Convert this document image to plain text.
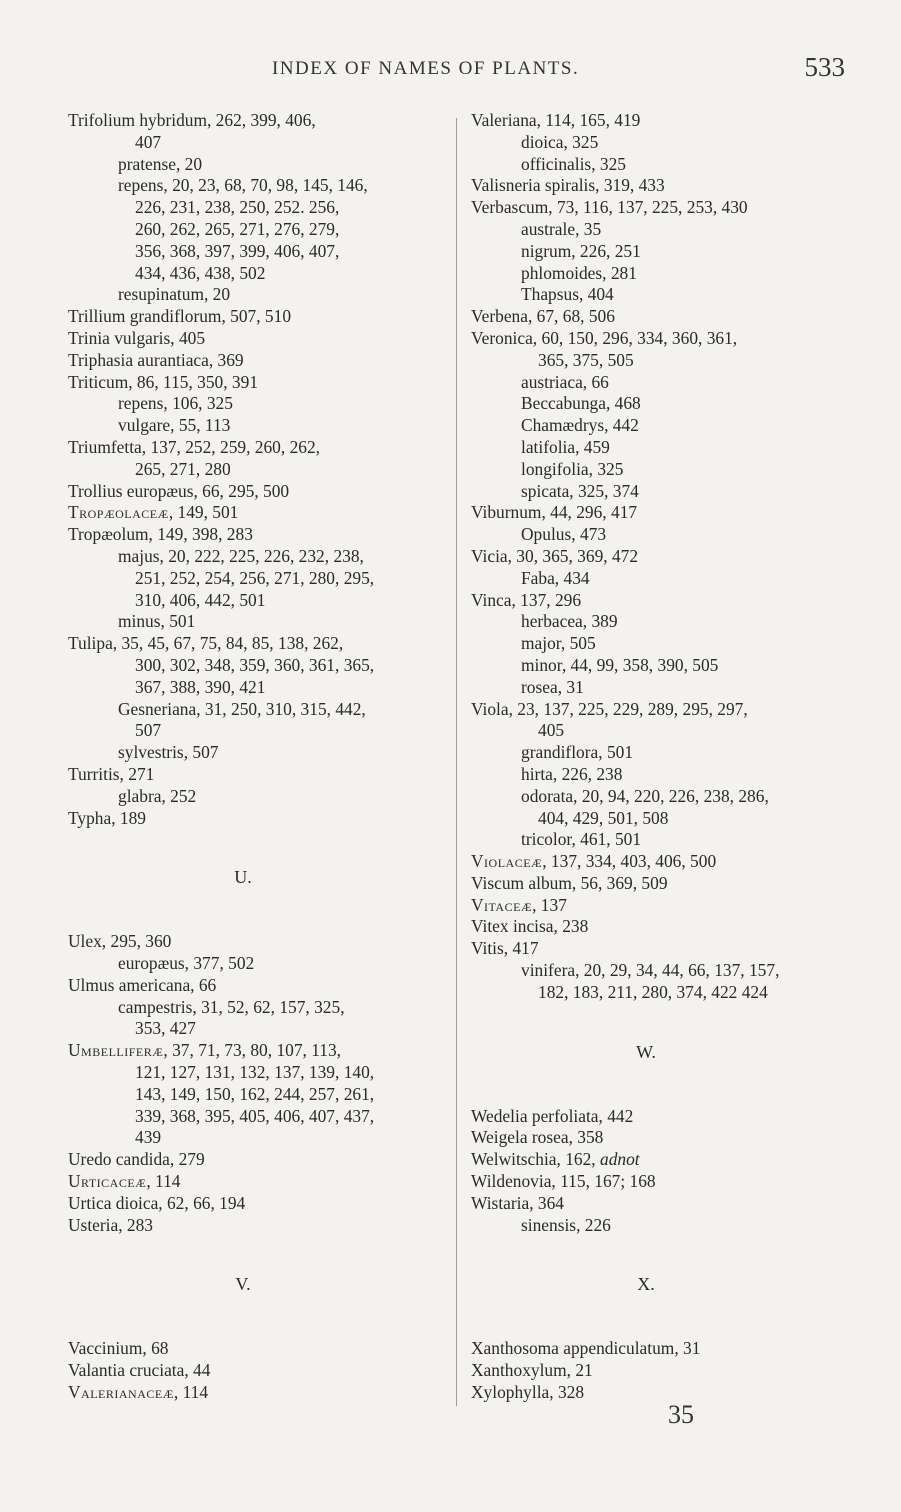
INDEX OF NAMES OF PLANTS.	533
Trifolium hybridum, 262, 399, 406,
407
pratense, 20
repens, 20, 23, 68, 70, 98, 145, 146,
226, 231, 238, 250, 252. 256,
260, 262, 265, 271, 276, 279,
356, 368, 397, 399, 406, 407,
434, 436, 438, 502
resupinatum, 20
Trillium grandiflorum, 507, 510
Trinia vulgaris, 405
Triphasia aurantiaca, 369
Triticum, 86, 115, 350, 391
repens, 106, 325
vulgare, 55, 113
Triumfetta, 137, 252, 259, 260, 262,
265, 271, 280
Trollius europæus, 66, 295, 500
Tropæolaceæ, 149, 501
Tropæolum, 149, 398, 283
majus, 20, 222, 225, 226, 232, 238,
251, 252, 254, 256, 271, 280, 295,
310, 406, 442, 501
minus, 501
Tulipa, 35, 45, 67, 75, 84, 85, 138, 262,
300, 302, 348, 359, 360, 361, 365,
367, 388, 390, 421
Gesneriana, 31, 250, 310, 315, 442,
507
sylvestris, 507
Turritis, 271
glabra, 252
Typha, 189
U.
Ulex, 295, 360
europæus, 377, 502
Ulmus americana, 66
campestris, 31, 52, 62, 157, 325,
353, 427
Umbelliferæ, 37, 71, 73, 80, 107, 113,
121, 127, 131, 132, 137, 139, 140,
143, 149, 150, 162, 244, 257, 261,
339, 368, 395, 405, 406, 407, 437,
439
Uredo candida, 279
Urticaceæ, 114
Urtica dioica, 62, 66, 194
Usteria, 283
V.
Vaccinium, 68
Valantia cruciata, 44
Valerianaceæ, 114
Valeriana, 114, 165, 419
dioica, 325
officinalis, 325
Valisneria spiralis, 319, 433
Verbascum, 73, 116, 137, 225, 253, 430
australe, 35
nigrum, 226, 251
phlomoides, 281
Thapsus, 404
Verbena, 67, 68, 506
Veronica, 60, 150, 296, 334, 360, 361,
365, 375, 505
austriaca, 66
Beccabunga, 468
Chamædrys, 442
latifolia, 459
longifolia, 325
spicata, 325, 374
Viburnum, 44, 296, 417
Opulus, 473
Vicia, 30, 365, 369, 472
Faba, 434
Vinca, 137, 296
herbacea, 389
major, 505
minor, 44, 99, 358, 390, 505
rosea, 31
Viola, 23, 137, 225, 229, 289, 295, 297,
405
grandiflora, 501
hirta, 226, 238
odorata, 20, 94, 220, 226, 238, 286,
404, 429, 501, 508
tricolor, 461, 501
Violaceæ, 137, 334, 403, 406, 500
Viscum album, 56, 369, 509
Vitaceæ, 137
Vitex incisa, 238
Vitis, 417
vinifera, 20, 29, 34, 44, 66, 137, 157,
182, 183, 211, 280, 374, 422 424
W.
Wedelia perfoliata, 442
Weigela rosea, 358
Welwitschia, 162, adnot
Wildenovia, 115, 167; 168
Wistaria, 364
sinensis, 226
X.
Xanthosoma appendiculatum, 31
Xanthoxylum, 21
Xylophylla, 328
35
